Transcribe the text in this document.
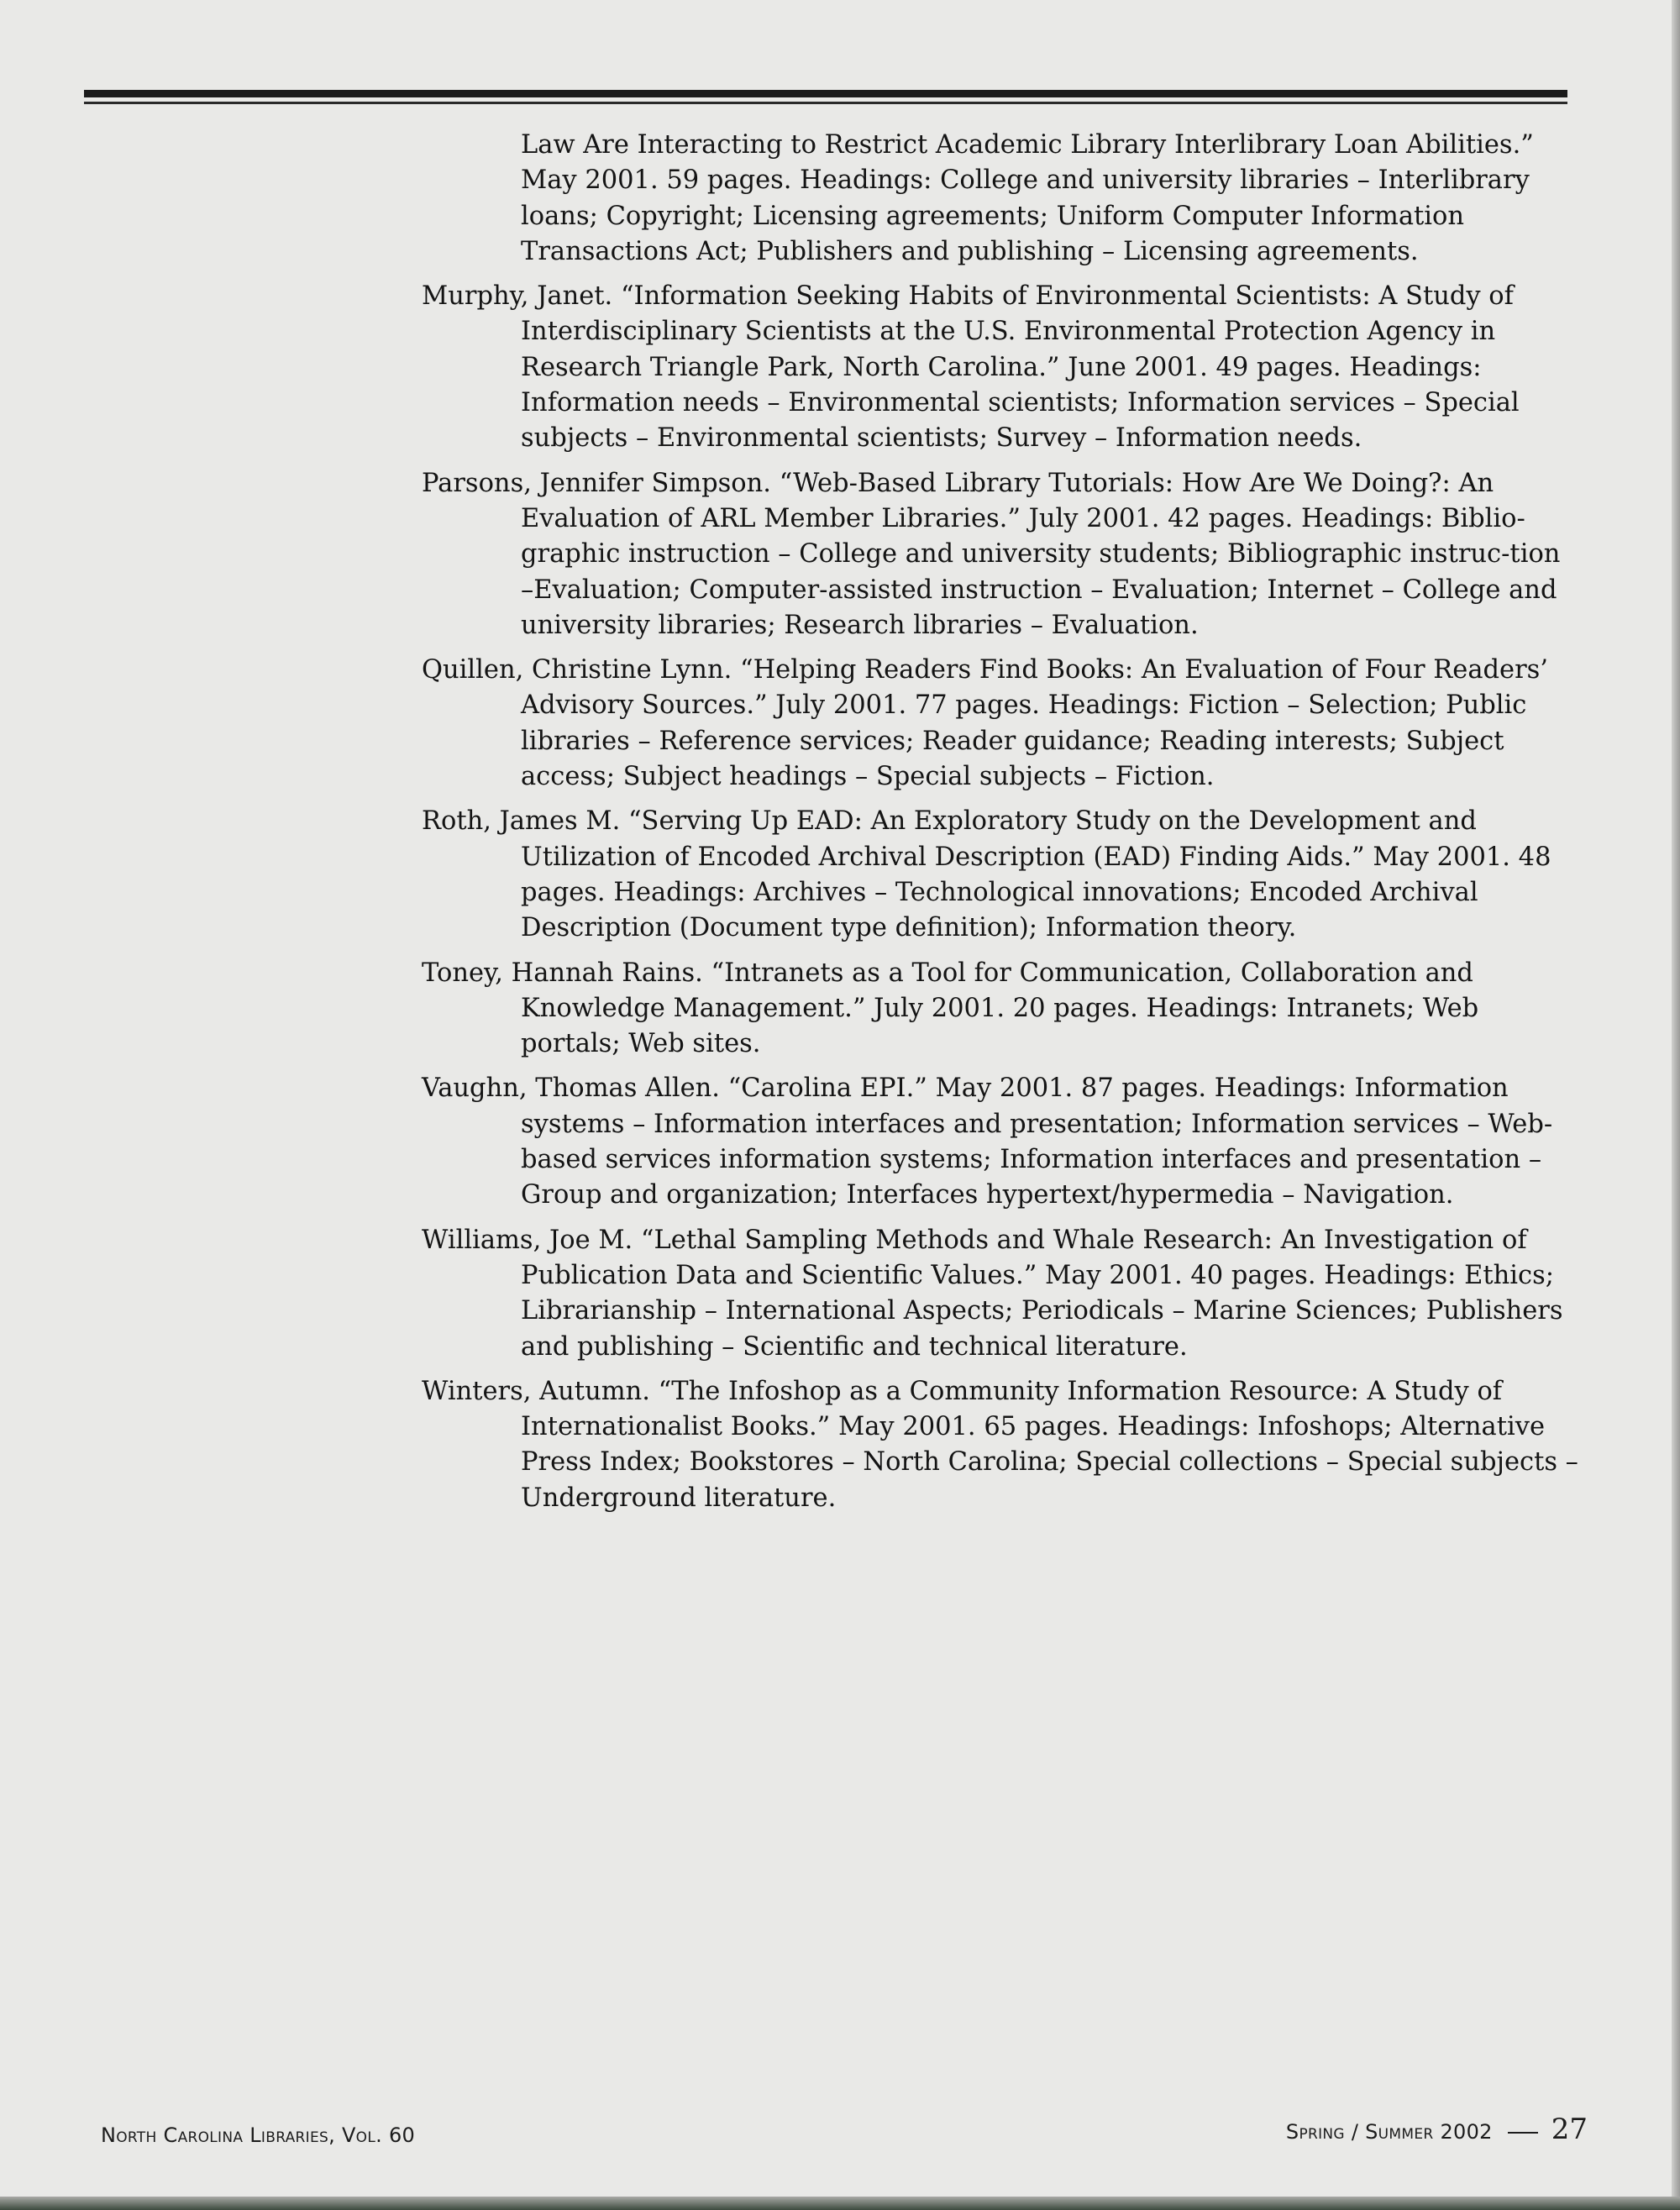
Law Are Interacting to Restrict Academic Library Interlibrary Loan Abilities.” May 2001. 59 pages. Headings: College and university libraries – Interlibrary loans; Copyright; Licensing agreements; Uniform Computer Information Transactions Act; Publishers and publishing – Licensing agreements.

Murphy, Janet. “Information Seeking Habits of Environmental Scientists: A Study of Interdisciplinary Scientists at the U.S. Environmental Protection Agency in Research Triangle Park, North Carolina.” June 2001. 49 pages. Headings: Information needs – Environmental scientists; Information services – Special subjects – Environmental scientists; Survey – Information needs.

Parsons, Jennifer Simpson. “Web-Based Library Tutorials: How Are We Doing?: An Evaluation of ARL Member Libraries.” July 2001. 42 pages. Headings: Biblio-graphic instruction – College and university students; Bibliographic instruc-tion –Evaluation; Computer-assisted instruction – Evaluation; Internet – College and university libraries; Research libraries – Evaluation.

Quillen, Christine Lynn. “Helping Readers Find Books: An Evaluation of Four Readers’ Advisory Sources.” July 2001. 77 pages. Headings: Fiction – Selection; Public libraries – Reference services; Reader guidance; Reading interests; Subject access; Subject headings – Special subjects – Fiction.

Roth, James M. “Serving Up EAD: An Exploratory Study on the Development and Utilization of Encoded Archival Description (EAD) Finding Aids.” May 2001. 48 pages. Headings: Archives – Technological innovations; Encoded Archival Description (Document type definition); Information theory.

Toney, Hannah Rains. “Intranets as a Tool for Communication, Collaboration and Knowledge Management.” July 2001. 20 pages. Headings: Intranets; Web portals; Web sites.

Vaughn, Thomas Allen. “Carolina EPI.” May 2001. 87 pages. Headings: Information systems – Information interfaces and presentation; Information services – Web-based services information systems; Information interfaces and presentation – Group and organization; Interfaces hypertext/hypermedia – Navigation.

Williams, Joe M. “Lethal Sampling Methods and Whale Research: An Investigation of Publication Data and Scientific Values.” May 2001. 40 pages. Headings: Ethics; Librarianship – International Aspects; Periodicals – Marine Sciences; Publishers and publishing – Scientific and technical literature.

Winters, Autumn. “The Infoshop as a Community Information Resource: A Study of Internationalist Books.” May 2001. 65 pages. Headings: Infoshops; Alternative Press Index; Bookstores – North Carolina; Special collections – Special subjects – Underground literature.

North Carolina Libraries, Vol. 60	Spring / Summer 2002 27
